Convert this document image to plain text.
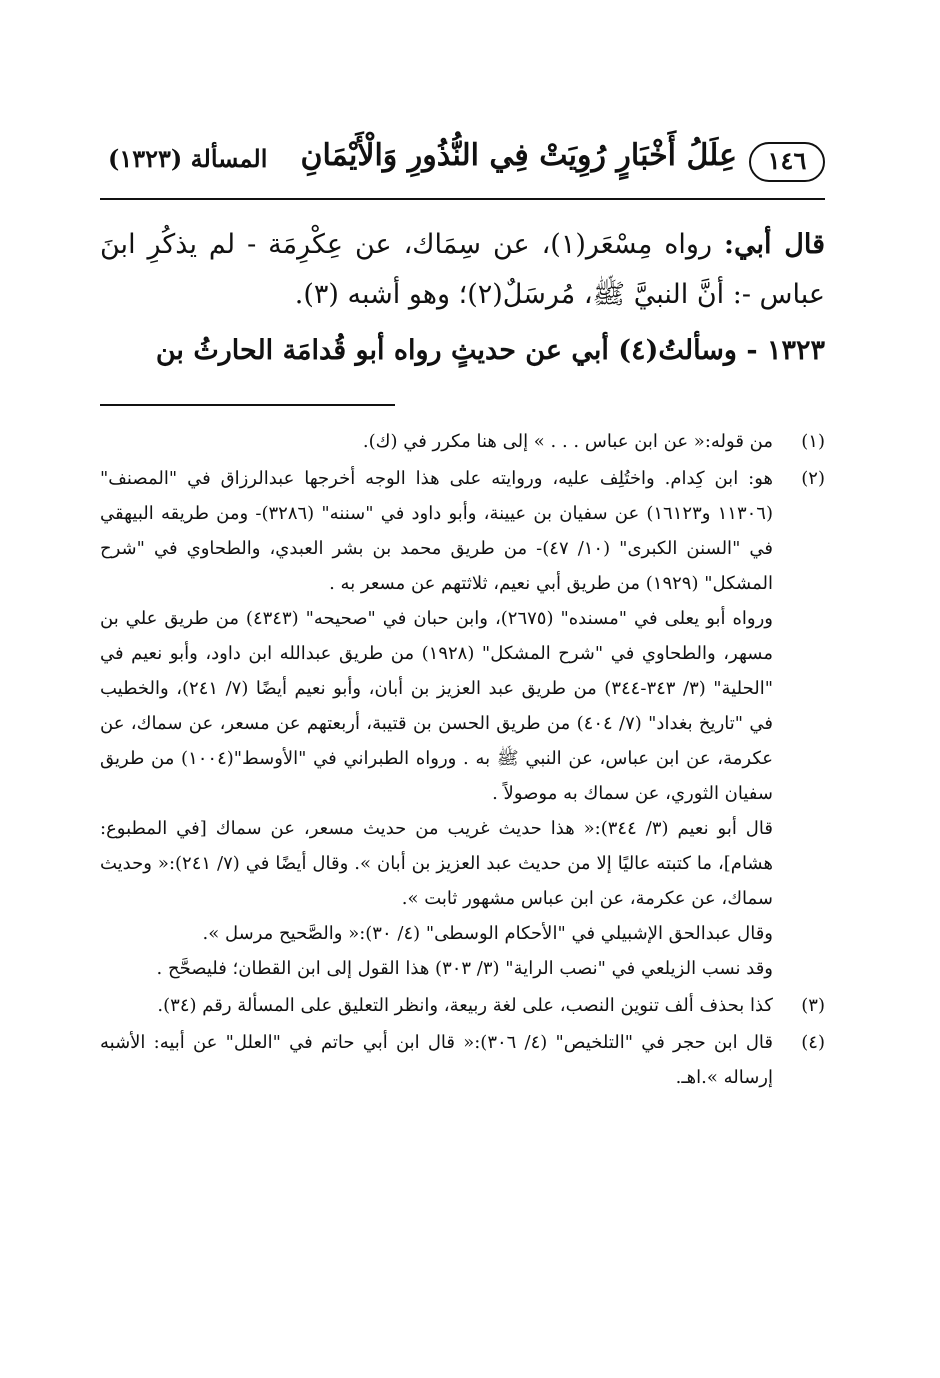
١٤٦
عِلَلُ أَخْبَارٍ رُوِيَتْ فِي النُّذُورِ وَالْأَيْمَانِ
المسألة (١٣٢٣)

قال أبي: رواه مِسْعَر(١)، عن سِمَاك، عن عِكْرِمَة - لم يذكُرِ ابنَ عباس -: أنَّ النبيَّ ﷺ، مُرسَلٌ(٢)؛ وهو أشبه (٣).

١٣٢٣ - وسألتُ(٤) أبي عن حديثٍ رواه أبو قُدامَة الحارثُ بن

(١)

من قوله:« عن ابن عباس . . . » إلى هنا مكرر في (ك).

(٢)

هو: ابن كِدام. واختُلِف عليه، وروايته على هذا الوجه أخرجها عبدالرزاق في "المصنف" (١١٣٠٦ و١٦١٢٣) عن سفيان بن عيينة، وأبو داود في "سننه" (٣٢٨٦)- ومن طريقه البيهقي في "السنن الكبرى" (١٠/ ٤٧)- من طريق محمد بن بشر العبدي، والطحاوي في "شرح المشكل" (١٩٢٩) من طريق أبي نعيم، ثلاثتهم عن مسعر به .

ورواه أبو يعلى في "مسنده" (٢٦٧٥)، وابن حبان في "صحيحه" (٤٣٤٣) من طريق علي بن مسهر، والطحاوي في "شرح المشكل" (١٩٢٨) من طريق عبدالله ابن داود، وأبو نعيم في "الحلية" (٣/ ٣٤٣-٣٤٤) من طريق عبد العزيز بن أبان، وأبو نعيم أيضًا (٧/ ٢٤١)، والخطيب في "تاريخ بغداد" (٧/ ٤٠٤) من طريق الحسن بن قتيبة، أربعتهم عن مسعر، عن سماك، عن عكرمة، عن ابن عباس، عن النبي ﷺ به . ورواه الطبراني في "الأوسط"(١٠٠٤) من طريق سفيان الثوري، عن سماك به موصولاً .

قال أبو نعيم (٣/ ٣٤٤):« هذا حديث غريب من حديث مسعر، عن سماك [في المطبوع: هشام]، ما كتبته عاليًا إلا من حديث عبد العزيز بن أبان ». وقال أيضًا في (٧/ ٢٤١):« وحديث سماك، عن عكرمة، عن ابن عباس مشهور ثابت ».

وقال عبدالحق الإشبيلي في "الأحكام الوسطى" (٤/ ٣٠):« والصَّحيح مرسل ».

وقد نسب الزيلعي في "نصب الراية" (٣/ ٣٠٣) هذا القول إلى ابن القطان؛ فليصحَّح .

(٣)

كذا بحذف ألف تنوين النصب، على لغة ربيعة، وانظر التعليق على المسألة رقم (٣٤).

(٤)

قال ابن حجر في "التلخيص" (٤/ ٣٠٦):« قال ابن أبي حاتم في "العلل" عن أبيه: الأشبه إرساله ».اهـ.
